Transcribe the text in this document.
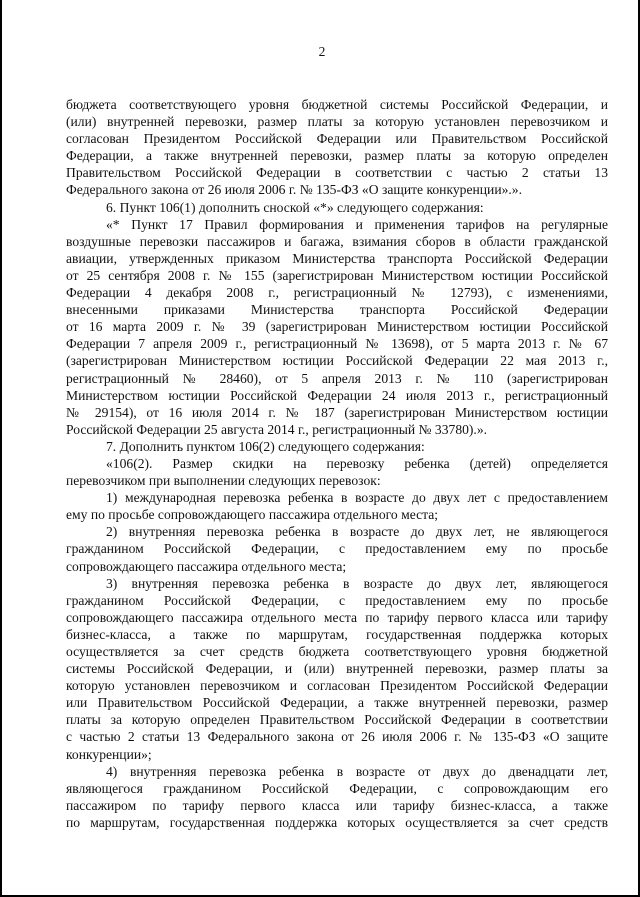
2
бюджета соответствующего уровня бюджетной системы Российской Федерации, и
(или) внутренней перевозки, размер платы за которую установлен перевозчиком и
согласован Президентом Российской Федерации или Правительством Российской
Федерации, а также внутренней перевозки, размер платы за которую определен
Правительством Российской Федерации в соответствии с частью 2 статьи 13
Федерального закона от 26 июля 2006 г. № 135-ФЗ «О защите конкуренции».».
6. Пункт 106(1) дополнить сноской «*» следующего содержания:
«* Пункт 17 Правил формирования и применения тарифов на регулярные
воздушные перевозки пассажиров и багажа, взимания сборов в области гражданской
авиации, утвержденных приказом Министерства транспорта Российской Федерации
от 25 сентября 2008 г. № 155 (зарегистрирован Министерством юстиции Российской
Федерации 4 декабря 2008 г., регистрационный № 12793), с изменениями,
внесенными приказами Министерства транспорта Российской Федерации
от 16 марта 2009 г. № 39 (зарегистрирован Министерством юстиции Российской
Федерации 7 апреля 2009 г., регистрационный № 13698), от 5 марта 2013 г. № 67
(зарегистрирован Министерством юстиции Российской Федерации 22 мая 2013 г.,
регистрационный № 28460), от 5 апреля 2013 г. № 110 (зарегистрирован
Министерством юстиции Российской Федерации 24 июля 2013 г., регистрационный
№ 29154), от 16 июля 2014 г. № 187 (зарегистрирован Министерством юстиции
Российской Федерации 25 августа 2014 г., регистрационный № 33780).».
7. Дополнить пунктом 106(2) следующего содержания:
«106(2). Размер скидки на перевозку ребенка (детей) определяется
перевозчиком при выполнении следующих перевозок:
1) международная перевозка ребенка в возрасте до двух лет с предоставлением
ему по просьбе сопровождающего пассажира отдельного места;
2) внутренняя перевозка ребенка в возрасте до двух лет, не являющегося
гражданином Российской Федерации, с предоставлением ему по просьбе
сопровождающего пассажира отдельного места;
3) внутренняя перевозка ребенка в возрасте до двух лет, являющегося
гражданином Российской Федерации, с предоставлением ему по просьбе
сопровождающего пассажира отдельного места по тарифу первого класса или тарифу
бизнес-класса, а также по маршрутам, государственная поддержка которых
осуществляется за счет средств бюджета соответствующего уровня бюджетной
системы Российской Федерации, и (или) внутренней перевозки, размер платы за
которую установлен перевозчиком и согласован Президентом Российской Федерации
или Правительством Российской Федерации, а также внутренней перевозки, размер
платы за которую определен Правительством Российской Федерации в соответствии
с частью 2 статьи 13 Федерального закона от 26 июля 2006 г. № 135-ФЗ «О защите
конкуренции»;
4) внутренняя перевозка ребенка в возрасте от двух до двенадцати лет,
являющегося гражданином Российской Федерации, с сопровождающим его
пассажиром по тарифу первого класса или тарифу бизнес-класса, а также
по маршрутам, государственная поддержка которых осуществляется за счет средств
